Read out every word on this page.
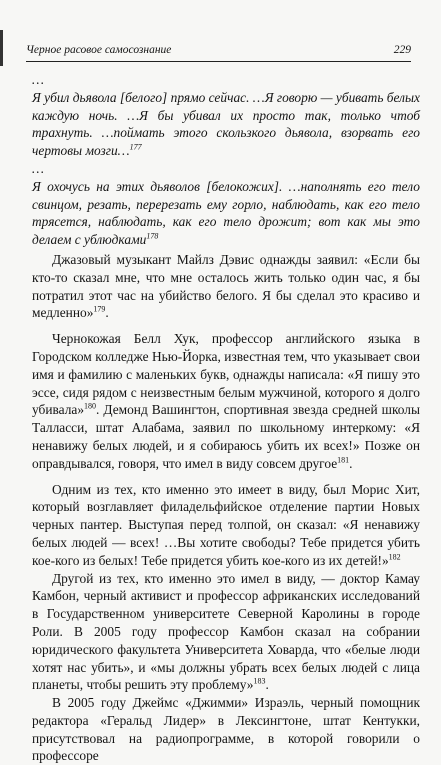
Черное расовое самосознание	229

…

Я убил дьявола [белого] прямо сейчас. …Я говорю — убивать белых каждую ночь. …Я бы убивал их просто так, только чтоб трахнуть. …поймать этого скользкого дьявола, взорвать его чертовы мозги…$^{177}$

…

Я охочусь на этих дьяволов [белокожих]. …наполнять его тело свинцом, резать, перерезать ему горло, наблюдать, как его тело трясется, наблюдать, как его тело дрожит; вот как мы это делаем с ублюдками$^{178}$

Джазовый музыкант Майлз Дэвис однажды заявил: «Если бы кто-то сказал мне, что мне осталось жить только один час, я бы потратил этот час на убийство белого. Я бы сделал это красиво и медленно»$^{179}$.

Чернокожая Белл Хук, профессор английского языка в Городском колледже Нью-Йорка, известная тем, что указывает свои имя и фамилию с маленьких букв, однажды написала: «Я пишу это эссе, сидя рядом с неизвестным белым мужчиной, которого я долго убивала»$^{180}$. Демонд Вашингтон, спортивная звезда средней школы Талласси, штат Алабама, заявил по школьному интеркому: «Я ненавижу белых людей, и я собираюсь убить их всех!» Позже он оправдывался, говоря, что имел в виду совсем другое$^{181}$.

Одним из тех, кто именно это имеет в виду, был Морис Хит, который возглавляет филадельфийское отделение партии Новых черных пантер. Выступая перед толпой, он сказал: «Я ненавижу белых людей — всех! …Вы хотите свободы? Тебе придется убить кое-кого из белых! Тебе придется убить кое-кого из их детей!»$^{182}$

Другой из тех, кто именно это имел в виду, — доктор Камау Камбон, черный активист и профессор африканских исследований в Государственном университете Северной Каролины в городе Роли. В 2005 году профессор Камбон сказал на собрании юридического факультета Университета Ховарда, что «белые люди хотят нас убить», и «мы должны убрать всех белых людей с лица планеты, чтобы решить эту проблему»$^{183}$.

В 2005 году Джеймс «Джимми» Израэль, черный помощник редактора «Геральд Лидер» в Лексингтоне, штат Кентукки, присутствовал на радиопрограмме, в которой говорили о профессоре
